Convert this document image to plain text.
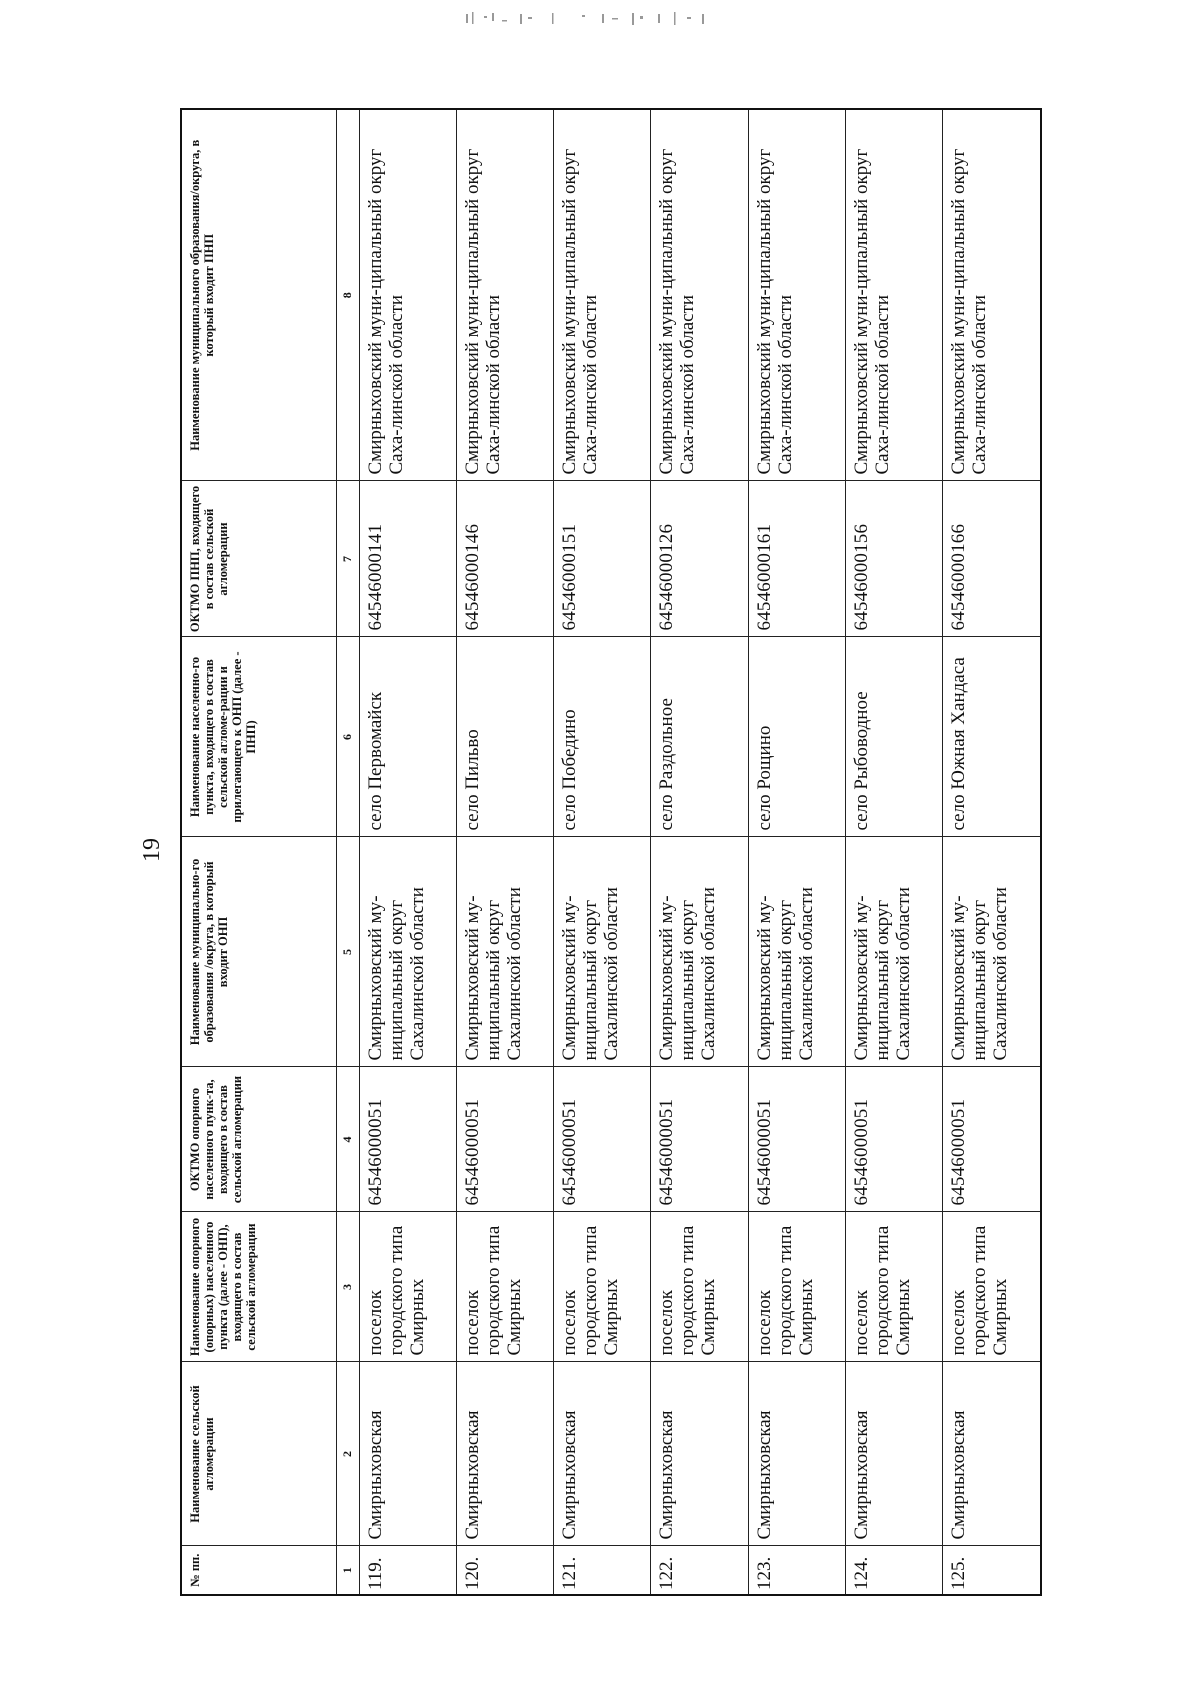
19
№ пп.	Наименование сельской агломерации	Наименование опорного (опорных) населенного пункта (далее - ОНП), входящего в состав сельской агломерации	ОКТМО опорного населенного пунк-та, входящего в состав сельской агломерации	Наименование муниципально-го образования /округа, в который входит ОНП	Наименование населенно-го пункта, входящего в состав сельской агломе-рации и прилегающего к ОНП (далее - ПНП)	ОКТМО ПНП, входящего в состав сельской агломерации	Наименование муниципального образования/округа, в который входит ПНП
1	2	3	4	5	6	7	8
119.	Смирныховская	поселок городского типа Смирных	64546000051	Смирныховский му-ниципальный округ Сахалинской области	село Первомайск	64546000141	Смирныховский муни-ципальный округ Саха-линской области
120.	Смирныховская	поселок городского типа Смирных	64546000051	Смирныховский му-ниципальный округ Сахалинской области	село Пильво	64546000146	Смирныховский муни-ципальный округ Саха-линской области
121.	Смирныховская	поселок городского типа Смирных	64546000051	Смирныховский му-ниципальный округ Сахалинской области	село Победино	64546000151	Смирныховский муни-ципальный округ Саха-линской области
122.	Смирныховская	поселок городского типа Смирных	64546000051	Смирныховский му-ниципальный округ Сахалинской области	село Раздольное	64546000126	Смирныховский муни-ципальный округ Саха-линской области
123.	Смирныховская	поселок городского типа Смирных	64546000051	Смирныховский му-ниципальный округ Сахалинской области	село Рощино	64546000161	Смирныховский муни-ципальный округ Саха-линской области
124.	Смирныховская	поселок городского типа Смирных	64546000051	Смирныховский му-ниципальный округ Сахалинской области	село Рыбоводное	64546000156	Смирныховский муни-ципальный округ Саха-линской области
125.	Смирныховская	поселок городского типа Смирных	64546000051	Смирныховский му-ниципальный округ Сахалинской области	село Южная Хандаса	64546000166	Смирныховский муни-ципальный округ Саха-линской области
